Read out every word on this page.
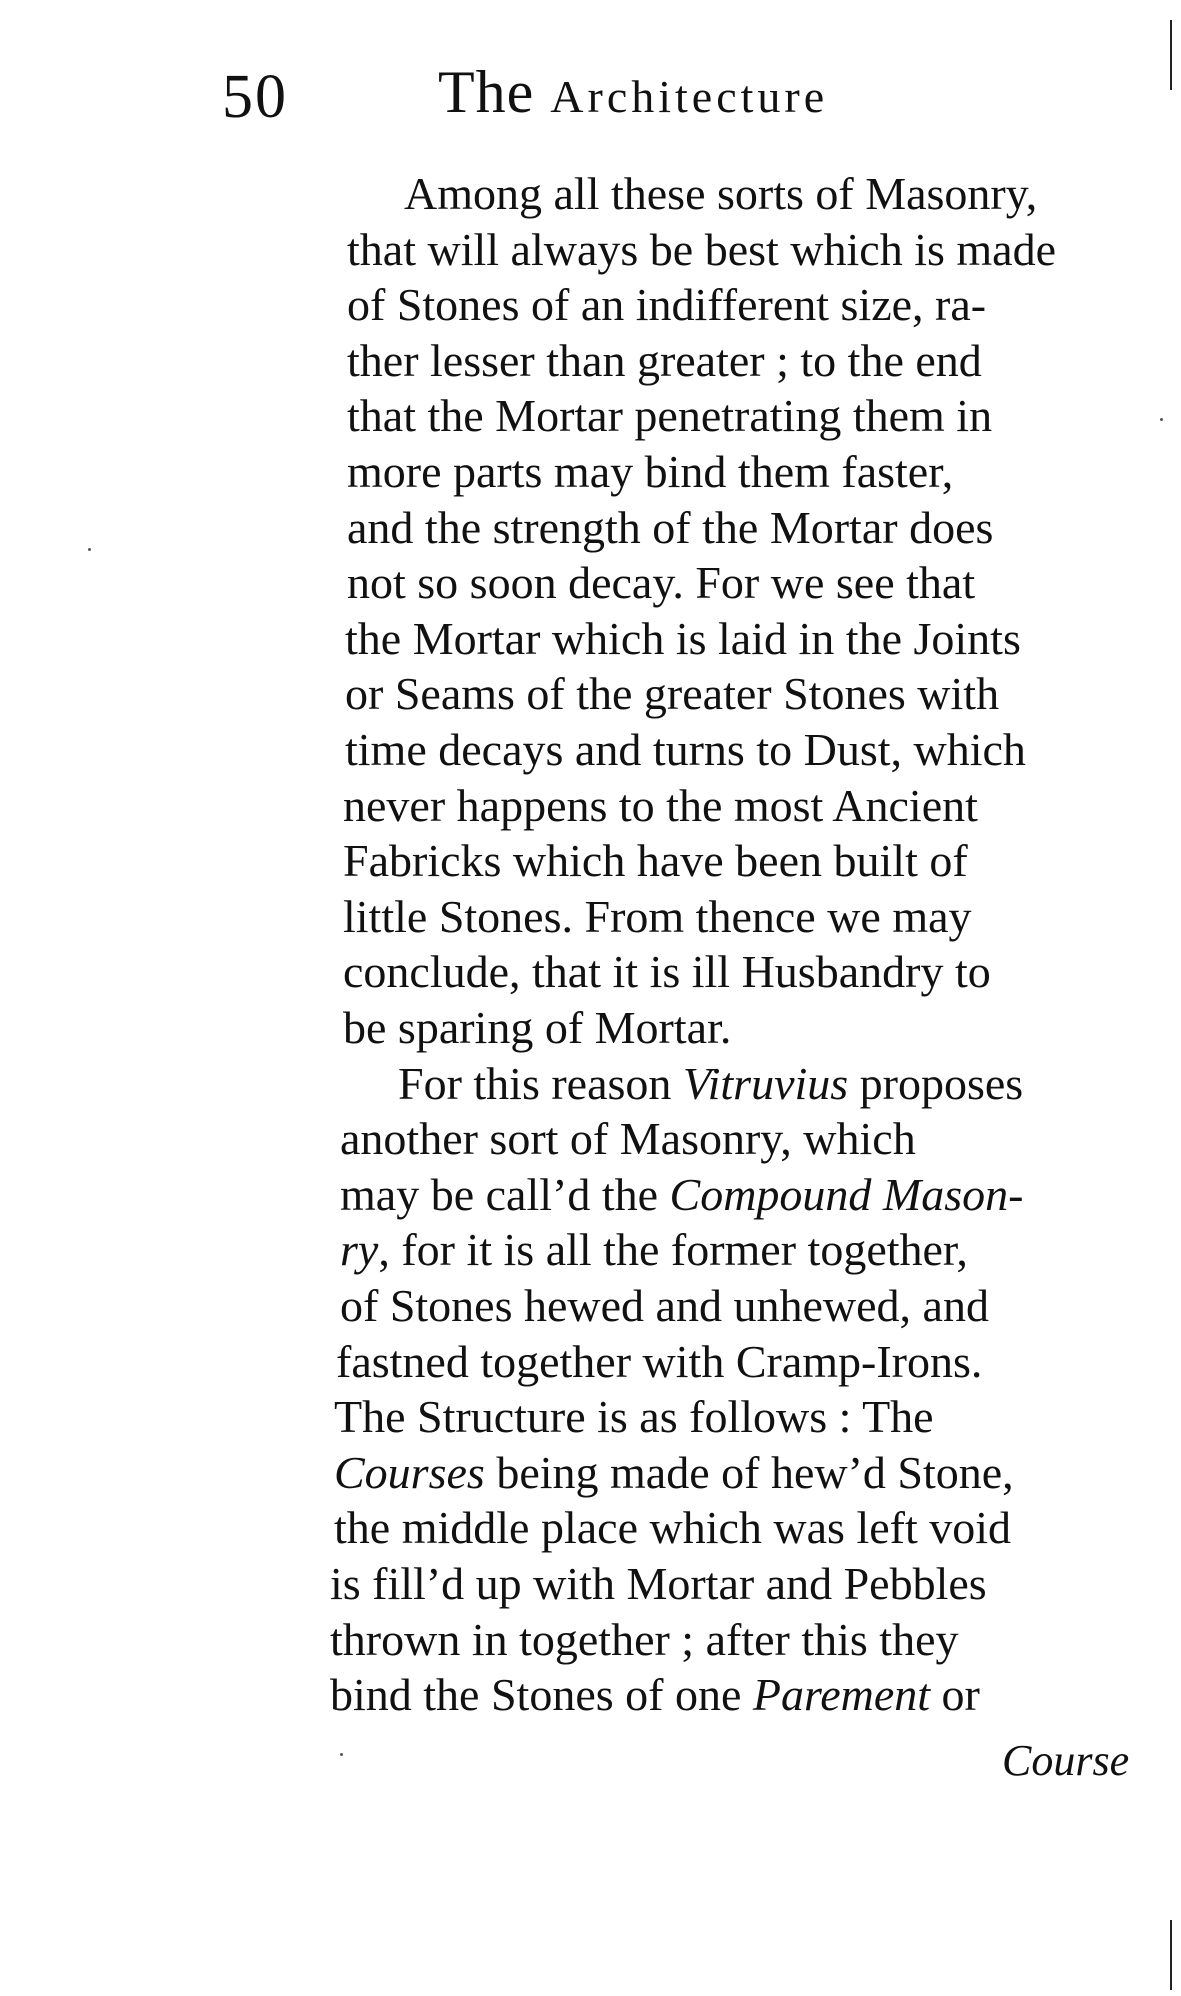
50	The Architecture
Among all these sorts of Masonry,
that will always be best which is made
of Stones of an indifferent size, ra-
ther lesser than greater ; to the end
that the Mortar penetrating them in
more parts may bind them faster,
and the strength of the Mortar does
not so soon decay. For we see that
the Mortar which is laid in the Joints
or Seams of the greater Stones with
time decays and turns to Dust, which
never happens to the most Ancient
Fabricks which have been built of
little Stones. From thence we may
conclude, that it is ill Husbandry to
be sparing of Mortar.
For this reason Vitruvius proposes
another sort of Masonry, which
may be call’d the Compound Mason-
ry, for it is all the former together,
of Stones hewed and unhewed, and
fastned together with Cramp-Irons.
The Structure is as follows : The
Courses being made of hew’d Stone,
the middle place which was left void
is fill’d up with Mortar and Pebbles
thrown in together ; after this they
bind the Stones of one Parement or
Course
